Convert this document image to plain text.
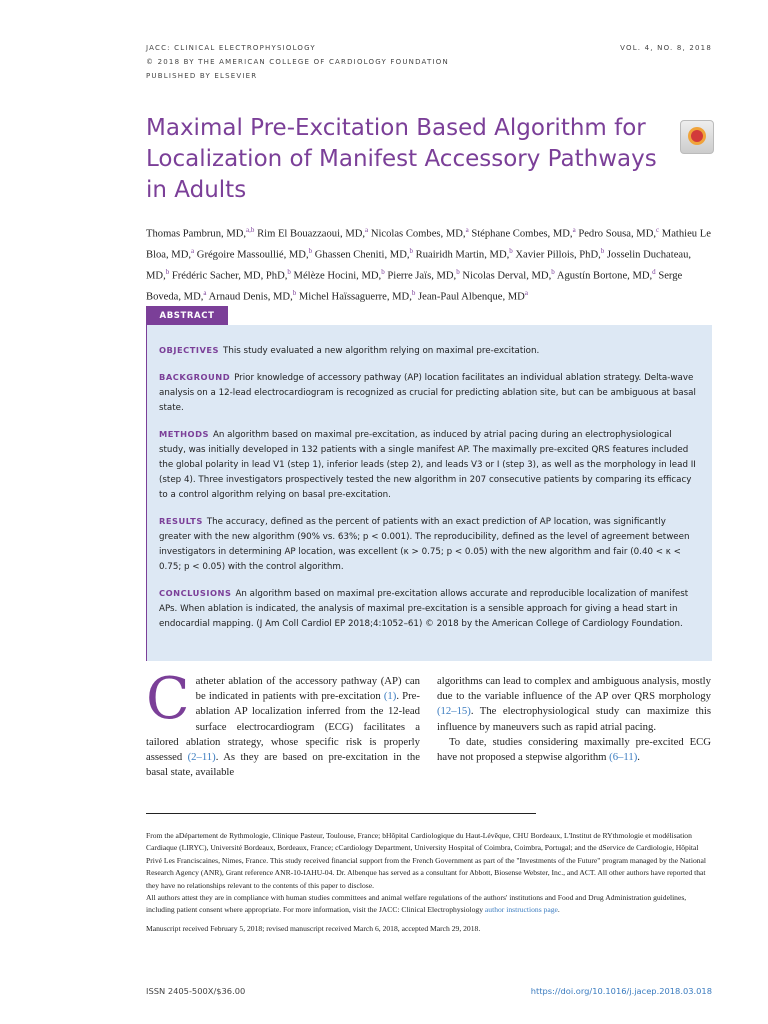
JACC: CLINICAL ELECTROPHYSIOLOGY
© 2018 BY THE AMERICAN COLLEGE OF CARDIOLOGY FOUNDATION
PUBLISHED BY ELSEVIER
VOL. 4, NO. 8, 2018
Maximal Pre-Excitation Based Algorithm for Localization of Manifest Accessory Pathways in Adults
Thomas Pambrun, MD,$^{a,b}$ Rim El Bouazzaoui, MD,$^a$ Nicolas Combes, MD,$^a$ Stéphane Combes, MD,$^a$ Pedro Sousa, MD,$^c$ Mathieu Le Bloa, MD,$^a$ Grégoire Massoullié, MD,$^b$ Ghassen Cheniti, MD,$^b$ Ruairidh Martin, MD,$^b$ Xavier Pillois, PhD,$^b$ Josselin Duchateau, MD,$^b$ Frédéric Sacher, MD, PhD,$^b$ Mélèze Hocini, MD,$^b$ Pierre Jaïs, MD,$^b$ Nicolas Derval, MD,$^b$ Agustín Bortone, MD,$^d$ Serge Boveda, MD,$^a$ Arnaud Denis, MD,$^b$ Michel Haïssaguerre, MD,$^b$ Jean-Paul Albenque, $MD^a$
ABSTRACT

OBJECTIVES This study evaluated a new algorithm relying on maximal pre-excitation.

BACKGROUND Prior knowledge of accessory pathway (AP) location facilitates an individual ablation strategy. Delta-wave analysis on a 12-lead electrocardiogram is recognized as crucial for predicting ablation site, but can be ambiguous at basal state.

METHODS An algorithm based on maximal pre-excitation, as induced by atrial pacing during an electrophysiological study, was initially developed in 132 patients with a single manifest AP. The maximally pre-excited QRS features included the global polarity in lead V1 (step 1), inferior leads (step 2), and leads V3 or I (step 3), as well as the morphology in lead II (step 4). Three investigators prospectively tested the new algorithm in 207 consecutive patients by comparing its efficacy to a control algorithm relying on basal pre-excitation.

RESULTS The accuracy, defined as the percent of patients with an exact prediction of AP location, was significantly greater with the new algorithm (90% vs. 63%; p < 0.001). The reproducibility, defined as the level of agreement between investigators in determining AP location, was excellent (κ > 0.75; p < 0.05) with the new algorithm and fair (0.40 < κ < 0.75; p < 0.05) with the control algorithm.

CONCLUSIONS An algorithm based on maximal pre-excitation allows accurate and reproducible localization of manifest APs. When ablation is indicated, the analysis of maximal pre-excitation is a sensible approach for giving a head start in endocardial mapping. (J Am Coll Cardiol EP 2018;4:1052–61) © 2018 by the American College of Cardiology Foundation.

Catheter ablation of the accessory pathway (AP) can be indicated in patients with pre-excitation (1). Pre-ablation AP localization inferred from the 12-lead surface electrocardiogram (ECG) facilitates a tailored ablation strategy, whose specific risk is properly assessed (2–11). As they are based on pre-excitation in the basal state, available

algorithms can lead to complex and ambiguous analysis, mostly due to the variable influence of the AP over QRS morphology (12–15). The electrophysiological study can maximize this influence by maneuvers such as rapid atrial pacing.

To date, studies considering maximally pre-excited ECG have not proposed a stepwise algorithm (6–11).

From the aDépartement de Rythmologie, Clinique Pasteur, Toulouse, France; bHôpital Cardiologique du Haut-Lévêque, CHU Bordeaux, L'Institut de RYthmologie et modélisation Cardiaque (LIRYC), Université Bordeaux, Bordeaux, France; cCardiology Department, University Hospital of Coimbra, Coimbra, Portugal; and the dService de Cardiologie, Hôpital Privé Les Franciscaines, Nimes, France. This study received financial support from the French Government as part of the "Investments of the Future" program managed by the National Research Agency (ANR), Grant reference ANR-10-IAHU-04. Dr. Albenque has served as a consultant for Abbott, Biosense Webster, Inc., and ACT. All other authors have reported that they have no relationships relevant to the contents of this paper to disclose.

All authors attest they are in compliance with human studies committees and animal welfare regulations of the authors' institutions and Food and Drug Administration guidelines, including patient consent where appropriate. For more information, visit the JACC: Clinical Electrophysiology author instructions page.

Manuscript received February 5, 2018; revised manuscript received March 6, 2018, accepted March 29, 2018.

ISSN 2405-500X/$36.00	https://doi.org/10.1016/j.jacep.2018.03.018
